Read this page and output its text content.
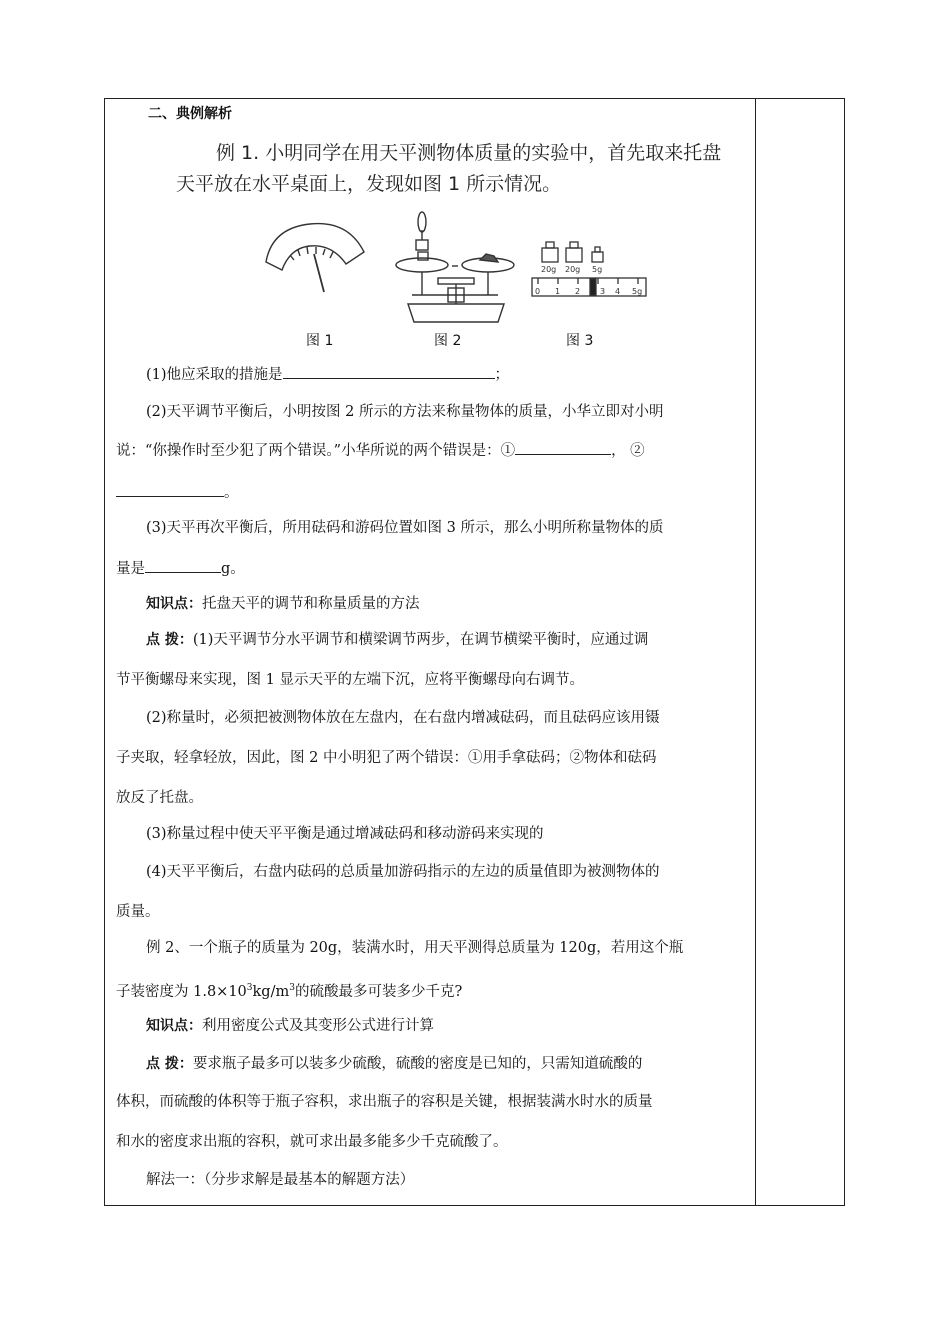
二、典例解析
例 1. 小明同学在用天平测物体质量的实验中，首先取来托盘
天平放在水平桌面上，发现如图 1 所示情况。
20g 20g 5g
0 1 2 3 4 5g
图 1	图 2	图 3
(1)他应采取的措施是	；
(2)天平调节平衡后，小明按图 2 所示的方法来称量物体的质量，小华立即对小明
说：“你操作时至少犯了两个错误。”小华所说的两个错误是：①	， ②
。
(3)天平再次平衡后，所用砝码和游码位置如图 3 所示，那么小明所称量物体的质
量是	g。
知识点：托盘天平的调节和称量质量的方法
点 拨：(1)天平调节分水平调节和横梁调节两步，在调节横梁平衡时，应通过调
节平衡螺母来实现，图 1 显示天平的左端下沉，应将平衡螺母向右调节。
(2)称量时，必须把被测物体放在左盘内，在右盘内增减砝码，而且砝码应该用镊
子夹取，轻拿轻放，因此，图 2 中小明犯了两个错误：①用手拿砝码；②物体和砝码
放反了托盘。
(3)称量过程中使天平平衡是通过增减砝码和移动游码来实现的
(4)天平平衡后，右盘内砝码的总质量加游码指示的左边的质量值即为被测物体的
质量。
例 2、一个瓶子的质量为 20g，装满水时，用天平测得总质量为 120g，若用这个瓶
子装密度为 $1.8\times 10^3kg/m^3$的硫酸最多可装多少千克?
知识点：利用密度公式及其变形公式进行计算
点 拨：要求瓶子最多可以装多少硫酸，硫酸的密度是已知的，只需知道硫酸的
体积，而硫酸的体积等于瓶子容积，求出瓶子的容积是关键，根据装满水时水的质量
和水的密度求出瓶的容积，就可求出最多能多少千克硫酸了。
解法一：（分步求解是最基本的解题方法）
